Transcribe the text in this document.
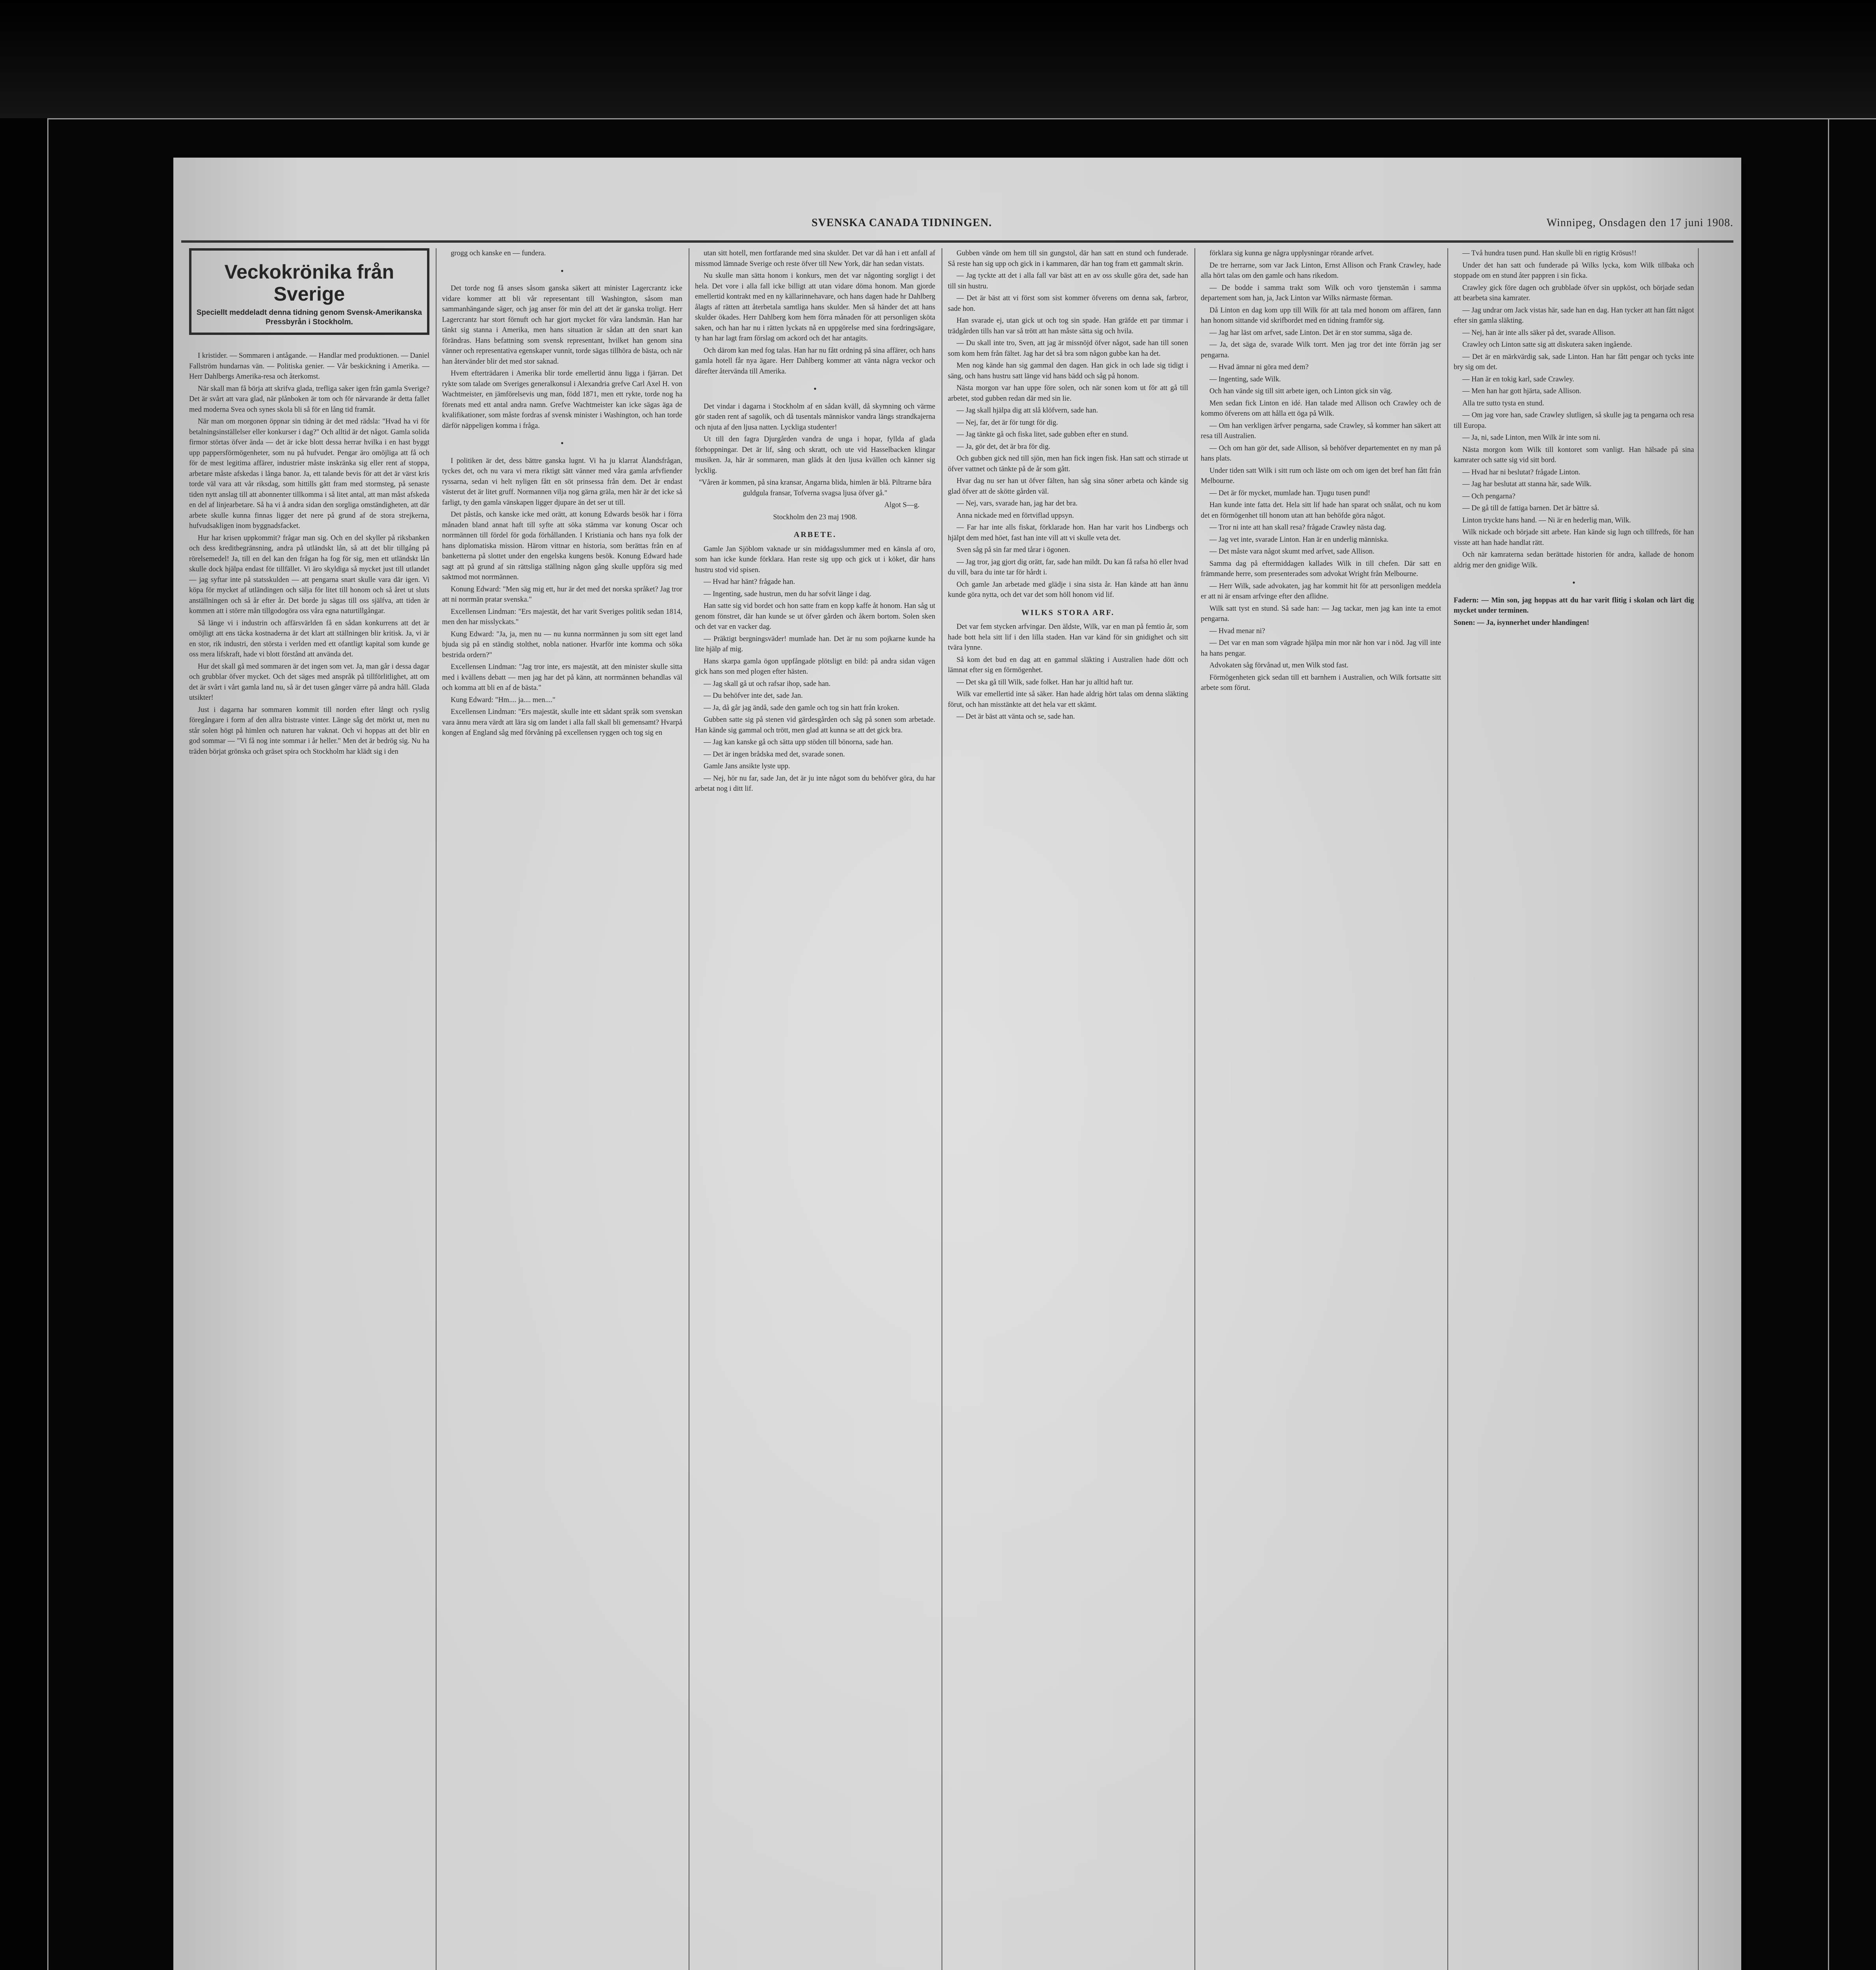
SVENSKA CANADA TIDNINGEN.	Winnipeg, Onsdagen den 17 juni 1908.
Veckokrönika från Sverige
Speciellt meddeladt denna tidning genom Svensk-Amerikanska Pressbyrån i Stockholm.

I kristider. — Sommaren i antågande. — Handlar med produktionen. — Daniel Fallström hundarnas vän. — Politiska genier. — Vår beskickning i Amerika. — Herr Dahlbergs Amerika-resa och återkomst.

När skall man få börja att skrifva glada, trefliga saker igen från gamla Sverige? Det är svårt att vara glad, när plånboken är tom och för närvarande är detta fallet med moderna Svea och synes skola bli så för en lång tid framåt.

När man om morgonen öppnar sin tidning är det med rädsla: "Hvad ha vi för betalningsinställelser eller konkurser i dag?" Och alltid är det något. Gamla solida firmor störtas öfver ända — det är icke blott dessa herrar hvilka i en hast byggt upp pappersförmögenheter, som nu på hufvudet. Pengar äro omöjliga att få och för de mest legitima affärer, industrier måste inskränka sig eller rent af stoppa, arbetare måste afskedas i långa banor. Ja, ett talande bevis för att det är värst kris torde väl vara att vår riksdag, som hittills gått fram med stormsteg, på senaste tiden nytt anslag till att abonnenter tillkomma i så litet antal, att man måst afskeda en del af linjearbetare. Så ha vi å andra sidan den sorgliga omständigheten, att där arbete skulle kunna finnas ligger det nere på grund af de stora strejkerna, hufvudsakligen inom byggnadsfacket.

Hur har krisen uppkommit? frågar man sig. Och en del skyller på riksbanken och dess kreditbegränsning, andra på utländskt lån, så att det blir tillgång på rörelsemedel! Ja, till en del kan den frågan ha fog för sig, men ett utländskt lån skulle dock hjälpa endast för tillfället. Vi äro skyldiga så mycket just till utlandet — jag syftar inte på statsskulden — att pengarna snart skulle vara där igen. Vi köpa för mycket af utländingen och sälja för litet till honom och så året ut sluts anställningen och så år efter år. Det borde ju sägas till oss själfva, att tiden är kommen att i större mån tillgodogöra oss våra egna naturtillgångar.

Så länge vi i industrin och affärsvärlden få en sådan konkurrens att det är omöjligt att ens täcka kostnaderna är det klart att ställningen blir kritisk. Ja, vi är en stor, rik industri, den största i verlden med ett ofantligt kapital som kunde ge oss mera lifskraft, hade vi blott förstånd att använda det.

Hur det skall gå med sommaren är det ingen som vet. Ja, man går i dessa dagar och grubblar öfver mycket. Och det säges med anspråk på tillförlitlighet, att om det är svårt i vårt gamla land nu, så är det tusen gånger värre på andra håll. Glada utsikter!

Just i dagarna har sommaren kommit till norden efter långt och ryslig föregångare i form af den allra bistraste vinter. Länge såg det mörkt ut, men nu står solen högt på himlen och naturen har vaknat. Och vi hoppas att det blir en god sommar — "Vi få nog inte sommar i år heller." Men det är bedrög sig. Nu ha träden börjat grönska och gräset spira och Stockholm har klädt sig i den

grogg och kanske en — fundera.

•

Det torde nog få anses såsom ganska säkert att minister Lagercrantz icke vidare kommer att bli vår representant till Washington, såsom man sammanhängande säger, och jag anser för min del att det är ganska troligt. Herr Lagercrantz har stort förnuft och har gjort mycket för våra landsmän. Han har tänkt sig stanna i Amerika, men hans situation är sådan att den snart kan förändras. Hans befattning som svensk representant, hvilket han genom sina vänner och representativa egenskaper vunnit, torde sägas tillhöra de bästa, och när han återvänder blir det med stor saknad.

Hvem efterträdaren i Amerika blir torde emellertid ännu ligga i fjärran. Det rykte som talade om Sveriges generalkonsul i Alexandria grefve Carl Axel H. von Wachtmeister, en jämförelsevis ung man, född 1871, men ett rykte, torde nog ha förenats med ett antal andra namn. Grefve Wachtmeister kan icke sägas äga de kvalifikationer, som måste fordras af svensk minister i Washington, och han torde därför näppeligen komma i fråga.

•

I politiken är det, dess bättre ganska lugnt. Vi ha ju klarrat Ålandsfrågan, tyckes det, och nu vara vi mera riktigt sätt vänner med våra gamla arfvfiender ryssarna, sedan vi helt nyligen fått en söt prinsessa från dem. Det är endast västerut det är litet gruff. Normannen vilja nog gärna gräla, men här är det icke så farligt, ty den gamla vänskapen ligger djupare än det ser ut till.

Det påstås, och kanske icke med orätt, att konung Edwards besök har i förra månaden bland annat haft till syfte att söka stämma var konung Oscar och norrmännen till fördel för goda förhållanden. I Kristiania och hans nya folk der hans diplomatiska mission. Härom vittnar en historia, som berättas från en af banketterna på slottet under den engelska kungens besök. Konung Edward hade sagt att på grund af sin rättsliga ställning någon gång skulle uppföra sig med saktmod mot norrmännen.

Konung Edward: "Men säg mig ett, hur är det med det norska språket? Jag tror att ni norrmän pratar svenska."

Excellensen Lindman: "Ers majestät, det har varit Sveriges politik sedan 1814, men den har misslyckats."

Kung Edward: "Ja, ja, men nu — nu kunna norrmännen ju som sitt eget land bjuda sig på en ständig stolthet, nobla nationer. Hvarför inte komma och söka bestrida ordern?"

Excellensen Lindman: "Jag tror inte, ers majestät, att den minister skulle sitta med i kvällens debatt — men jag har det på känn, att norrmännen behandlas väl och komma att bli en af de bästa."

Kung Edward: "Hm.... ja.... men...."

Excellensen Lindman: "Ers majestät, skulle inte ett sådant språk som svenskan vara ännu mera värdt att lära sig om landet i alla fall skall bli gemensamt? Hvarpå kongen af England såg med förvåning på excellensen ryggen och tog sig en

utan sitt hotell, men fortfarande med sina skulder. Det var då han i ett anfall af missmod lämnade Sverige och reste öfver till New York, där han sedan vistats.

Nu skulle man sätta honom i konkurs, men det var någonting sorgligt i det hela. Det vore i alla fall icke billigt att utan vidare döma honom. Man gjorde emellertid kontrakt med en ny källarinnehavare, och hans dagen hade hr Dahlberg ålagts af rätten att återbetala samtliga hans skulder. Men så händer det att hans skulder ökades. Herr Dahlberg kom hem förra månaden för att personligen sköta saken, och han har nu i rätten lyckats nå en uppgörelse med sina fordringsägare, ty han har lagt fram förslag om ackord och det har antagits.

Och därom kan med fog talas. Han har nu fått ordning på sina affärer, och hans gamla hotell får nya ägare. Herr Dahlberg kommer att vänta några veckor och därefter återvända till Amerika.

•

Det vindar i dagarna i Stockholm af en sådan kväll, då skymning och värme gör staden rent af sagolik, och då tusentals människor vandra längs strandkajerna och njuta af den ljusa natten. Lyckliga studenter!

Ut till den fagra Djurgården vandra de unga i hopar, fyllda af glada förhoppningar. Det är lif, sång och skratt, och ute vid Hasselbacken klingar musiken. Ja, här är sommaren, man gläds åt den ljusa kvällen och känner sig lycklig.

"Våren är kommen, på sina kransar, Angarna blida, himlen är blå. Piltrarne båra guldgula fransar, Tofverna svagsa ljusa öfver gå."

Algot S—g.

Stockholm den 23 maj 1908.

ARBETE.

Gamle Jan Sjöblom vaknade ur sin middagsslummer med en känsla af oro, som han icke kunde förklara. Han reste sig upp och gick ut i köket, där hans hustru stod vid spisen.

— Hvad har hänt? frågade han.

— Ingenting, sade hustrun, men du har sofvit länge i dag.

Han satte sig vid bordet och hon satte fram en kopp kaffe åt honom. Han såg ut genom fönstret, där han kunde se ut öfver gården och åkern bortom. Solen sken och det var en vacker dag.

— Präktigt bergningsväder! mumlade han. Det är nu som pojkarne kunde ha lite hjälp af mig.

Hans skarpa gamla ögon uppfångade plötsligt en bild: på andra sidan vägen gick hans son med plogen efter hästen.

— Jag skall gå ut och rafsar ihop, sade han.

— Du behöfver inte det, sade Jan.

— Ja, då går jag ändå, sade den gamle och tog sin hatt från kroken.

Gubben satte sig på stenen vid gärdesgården och såg på sonen som arbetade. Han kände sig gammal och trött, men glad att kunna se att det gick bra.

— Jag kan kanske gå och sätta upp stöden till bönorna, sade han.

— Det är ingen brådska med det, svarade sonen.

Gamle Jans ansikte lyste upp.

— Nej, hör nu far, sade Jan, det är ju inte något som du behöfver göra, du har arbetat nog i ditt lif.

Gubben vände om hem till sin gungstol, där han satt en stund och funderade. Så reste han sig upp och gick in i kammaren, där han tog fram ett gammalt skrin.

— Jag tyckte att det i alla fall var bäst att en av oss skulle göra det, sade han till sin hustru.

— Det är bäst att vi först som sist kommer öfverens om denna sak, farbror, sade hon.

Han svarade ej, utan gick ut och tog sin spade. Han gräfde ett par timmar i trädgården tills han var så trött att han måste sätta sig och hvila.

— Du skall inte tro, Sven, att jag är missnöjd öfver något, sade han till sonen som kom hem från fältet. Jag har det så bra som någon gubbe kan ha det.

Men nog kände han sig gammal den dagen. Han gick in och lade sig tidigt i säng, och hans hustru satt länge vid hans bädd och såg på honom.

Nästa morgon var han uppe före solen, och när sonen kom ut för att gå till arbetet, stod gubben redan där med sin lie.

— Jag skall hjälpa dig att slå klöfvern, sade han.

— Nej, far, det är för tungt för dig.

— Jag tänkte gå och fiska litet, sade gubben efter en stund.

— Ja, gör det, det är bra för dig.

Och gubben gick ned till sjön, men han fick ingen fisk. Han satt och stirrade ut öfver vattnet och tänkte på de år som gått.

Hvar dag nu ser han ut öfver fälten, han såg sina söner arbeta och kände sig glad öfver att de skötte gården väl.

— Nej, vars, svarade han, jag har det bra.

Anna nickade med en förtviflad uppsyn.

— Far har inte alls fiskat, förklarade hon. Han har varit hos Lindbergs och hjälpt dem med höet, fast han inte vill att vi skulle veta det.

Sven såg på sin far med tårar i ögonen.

— Jag tror, jag gjort dig orätt, far, sade han mildt. Du kan få rafsa hö eller hvad du vill, bara du inte tar för hårdt i.

Och gamle Jan arbetade med glädje i sina sista år. Han kände att han ännu kunde göra nytta, och det var det som höll honom vid lif.

WILKS STORA ARF.

Det var fem stycken arfvingar. Den äldste, Wilk, var en man på femtio år, som hade bott hela sitt lif i den lilla staden. Han var känd för sin gnidighet och sitt tvära lynne.

Så kom det bud en dag att en gammal släkting i Australien hade dött och lämnat efter sig en förmögenhet.

— Det ska gå till Wilk, sade folket. Han har ju alltid haft tur.

Wilk var emellertid inte så säker. Han hade aldrig hört talas om denna släkting förut, och han misstänkte att det hela var ett skämt.

— Det är bäst att vänta och se, sade han.

förklara sig kunna ge några upplysningar rörande arfvet.

De tre herrarne, som var Jack Linton, Ernst Allison och Frank Crawley, hade alla hört talas om den gamle och hans rikedom.

— De bodde i samma trakt som Wilk och voro tjenstemän i samma departement som han, ja, Jack Linton var Wilks närmaste förman.

Då Linton en dag kom upp till Wilk för att tala med honom om affären, fann han honom sittande vid skrifbordet med en tidning framför sig.

— Jag har läst om arfvet, sade Linton. Det är en stor summa, säga de.

— Ja, det säga de, svarade Wilk torrt. Men jag tror det inte förrän jag ser pengarna.

— Hvad ämnar ni göra med dem?

— Ingenting, sade Wilk.

Och han vände sig till sitt arbete igen, och Linton gick sin väg.

Men sedan fick Linton en idé. Han talade med Allison och Crawley och de kommo öfverens om att hålla ett öga på Wilk.

— Om han verkligen ärfver pengarna, sade Crawley, så kommer han säkert att resa till Australien.

— Och om han gör det, sade Allison, så behöfver departementet en ny man på hans plats.

Under tiden satt Wilk i sitt rum och läste om och om igen det bref han fått från Melbourne.

— Det är för mycket, mumlade han. Tjugu tusen pund!

Han kunde inte fatta det. Hela sitt lif hade han sparat och snålat, och nu kom det en förmögenhet till honom utan att han behöfde göra något.

— Tror ni inte att han skall resa? frågade Crawley nästa dag.

— Jag vet inte, svarade Linton. Han är en underlig människa.

— Det måste vara något skumt med arfvet, sade Allison.

Samma dag på eftermiddagen kallades Wilk in till chefen. Där satt en främmande herre, som presenterades som advokat Wright från Melbourne.

— Herr Wilk, sade advokaten, jag har kommit hit för att personligen meddela er att ni är ensam arfvinge efter den aflidne.

Wilk satt tyst en stund. Så sade han: — Jag tackar, men jag kan inte ta emot pengarna.

— Hvad menar ni?

— Det var en man som vägrade hjälpa min mor när hon var i nöd. Jag vill inte ha hans pengar.

Advokaten såg förvånad ut, men Wilk stod fast.

Förmögenheten gick sedan till ett barnhem i Australien, och Wilk fortsatte sitt arbete som förut.

— Två hundra tusen pund. Han skulle bli en rigtig Krösus!!

Under det han satt och funderade på Wilks lycka, kom Wilk tillbaka och stoppade om en stund åter pappren i sin ficka.

Crawley gick före dagen och grubblade öfver sin uppköst, och började sedan att bearbeta sina kamrater.

— Jag undrar om Jack vistas här, sade han en dag. Han tycker att han fått något efter sin gamla släkting.

— Nej, han är inte alls säker på det, svarade Allison.

Crawley och Linton satte sig att diskutera saken ingående.

— Det är en märkvärdig sak, sade Linton. Han har fått pengar och tycks inte bry sig om det.

— Han är en tokig karl, sade Crawley.

— Men han har gott hjärta, sade Allison.

Alla tre sutto tysta en stund.

— Om jag vore han, sade Crawley slutligen, så skulle jag ta pengarna och resa till Europa.

— Ja, ni, sade Linton, men Wilk är inte som ni.

Nästa morgon kom Wilk till kontoret som vanligt. Han hälsade på sina kamrater och satte sig vid sitt bord.

— Hvad har ni beslutat? frågade Linton.

— Jag har beslutat att stanna här, sade Wilk.

— Och pengarna?

— De gå till de fattiga barnen. Det är bättre så.

Linton tryckte hans hand. — Ni är en hederlig man, Wilk.

Wilk nickade och började sitt arbete. Han kände sig lugn och tillfreds, för han visste att han hade handlat rätt.

Och när kamraterna sedan berättade historien för andra, kallade de honom aldrig mer den gnidige Wilk.

•

Fadern: — Min son, jag hoppas att du har varit flitig i skolan och lärt dig mycket under terminen.

Sonen: — Ja, isynnerhet under hlandingen!
